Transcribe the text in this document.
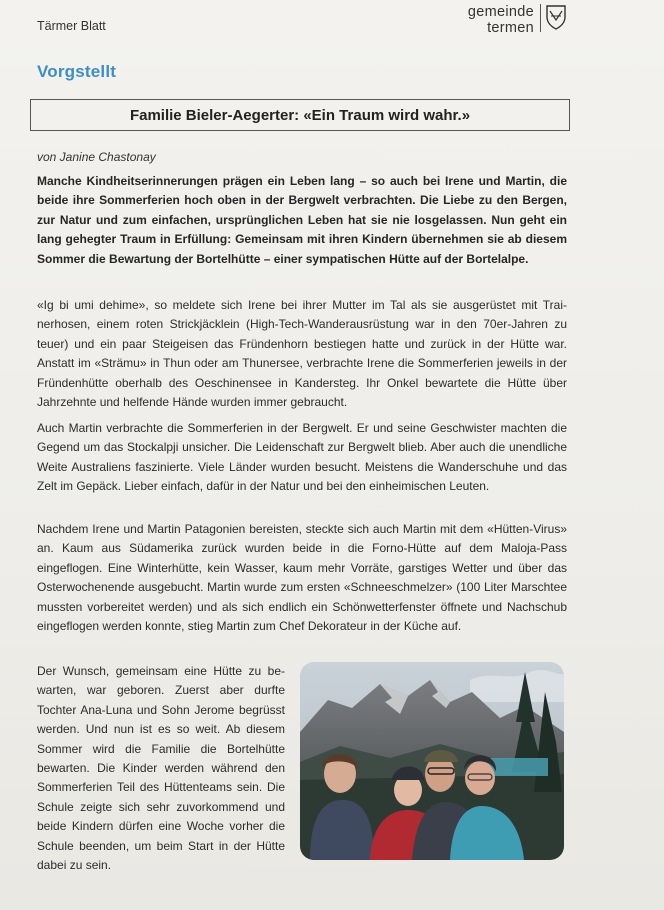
Tärmer Blatt
gemeinde
termen
Vorgstellt
Familie Bieler-Aegerter: «Ein Traum wird wahr.»
von Janine Chastonay
Manche Kindheitserinnerungen prägen ein Leben lang – so auch bei Irene und Martin, die beide ihre Sommerferien hoch oben in der Bergwelt verbrachten. Die Liebe zu den Bergen, zur Natur und zum einfachen, ursprünglichen Leben hat sie nie losgelassen. Nun geht ein lang gehegter Traum in Erfüllung: Gemeinsam mit ihren Kindern übernehmen sie ab diesem Sommer die Bewartung der Bortelhütte – einer sympatischen Hütte auf der Bortelalpe.
«Ig bi umi dehime», so meldete sich Irene bei ihrer Mutter im Tal als sie ausgerüstet mit Trainerhosen, einem roten Strickjäcklein (High-Tech-Wanderausrüstung war in den 70er-Jahren zu teuer) und ein paar Steigeisen das Fründenhorn bestiegen hatte und zurück in der Hütte war. Anstatt im «Strämu» in Thun oder am Thunersee, verbrachte Irene die Sommerferien jeweils in der Fründenhütte oberhalb des Oeschinensee in Kandersteg. Ihr Onkel bewartete die Hütte über Jahrzehnte und helfende Hände wurden immer gebraucht.
Auch Martin verbrachte die Sommerferien in der Bergwelt. Er und seine Geschwister machten die Gegend um das Stockalpji unsicher. Die Leidenschaft zur Bergwelt blieb. Aber auch die unendliche Weite Australiens faszinierte. Viele Länder wurden besucht. Meistens die Wanderschuhe und das Zelt im Gepäck. Lieber einfach, dafür in der Natur und bei den einheimischen Leuten.
Nachdem Irene und Martin Patagonien bereisten, steckte sich auch Martin mit dem «Hütten-Virus» an. Kaum aus Südamerika zurück wurden beide in die Forno-Hütte auf dem Maloja-Pass eingeflogen. Eine Winterhütte, kein Wasser, kaum mehr Vorräte, garstiges Wetter und über das Osterwochenende ausgebucht. Martin wurde zum ersten «Schneeschmelzer» (100 Liter Marschtee mussten vorbereitet werden) und als sich endlich ein Schönwetterfenster öffnete und Nachschub eingeflogen werden konnte, stieg Martin zum Chef Dekorateur in der Küche auf.
Der Wunsch, gemeinsam eine Hütte zu bewarten, war geboren. Zuerst aber durfte Tochter Ana-Luna und Sohn Jerome begrüsst werden. Und nun ist es so weit. Ab diesem Sommer wird die Familie die Bortelhütte bewarten. Die Kinder werden während den Sommerferien Teil des Hüttenteams sein. Die Schule zeigte sich sehr zuvorkommend und beide Kindern dürfen eine Woche vorher die Schule beenden, um beim Start in der Hütte dabei zu sein.
